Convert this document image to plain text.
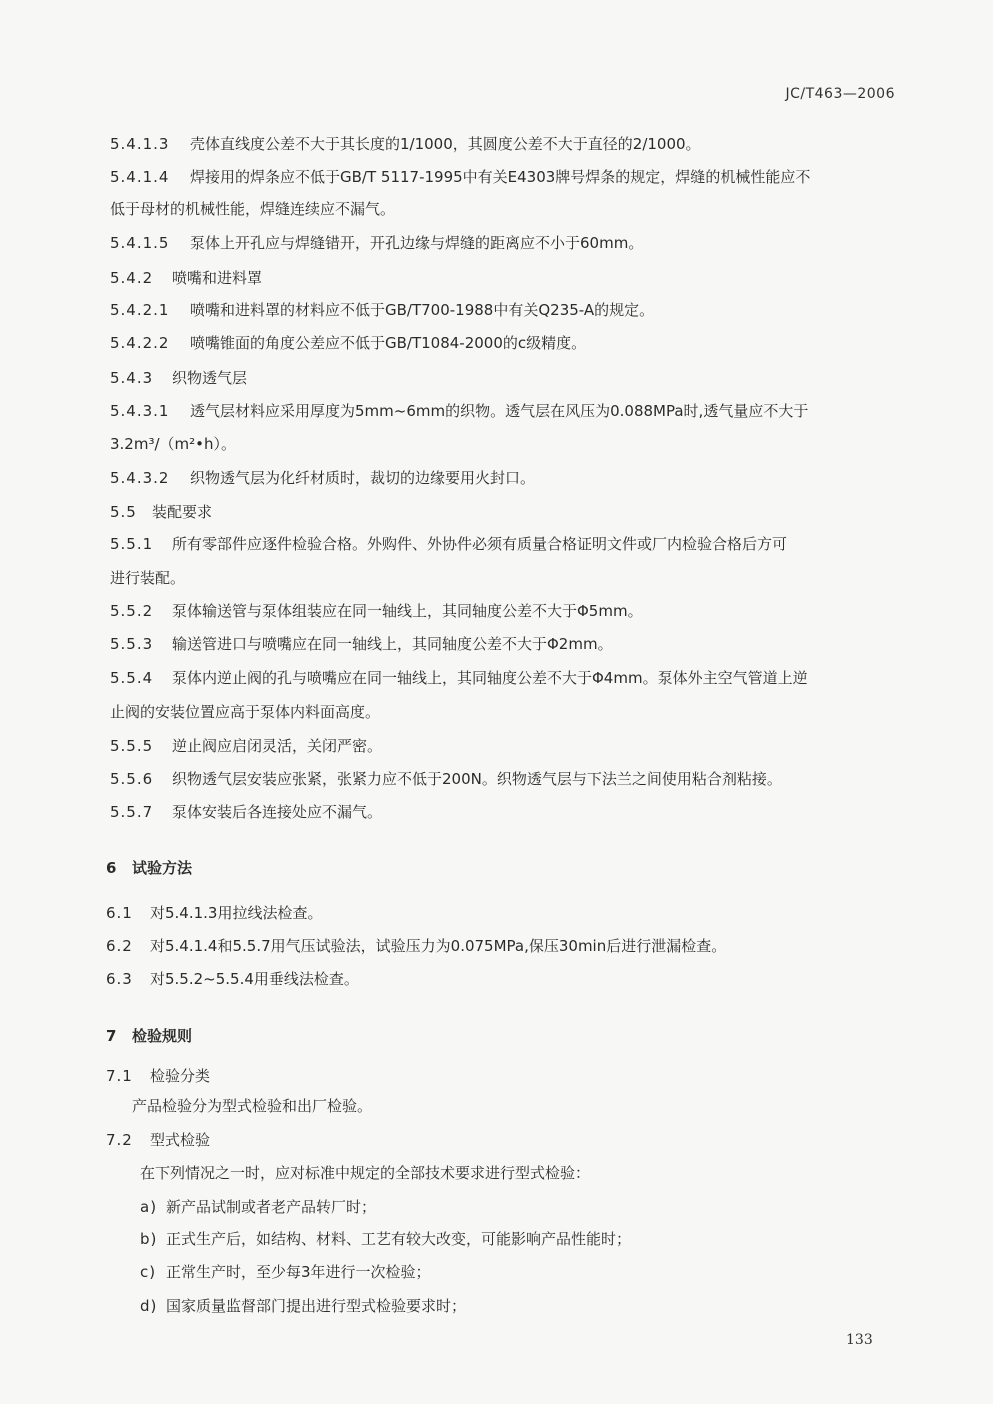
JC/T463—2006
5.4.1.3 壳体直线度公差不大于其长度的1/1000，其圆度公差不大于直径的2/1000。
5.4.1.4 焊接用的焊条应不低于GB/T 5117-1995中有关E4303牌号焊条的规定，焊缝的机械性能应不
低于母材的机械性能，焊缝连续应不漏气。
5.4.1.5 泵体上开孔应与焊缝错开，开孔边缘与焊缝的距离应不小于60mm。
5.4.2 喷嘴和进料罩
5.4.2.1 喷嘴和进料罩的材料应不低于GB/T700-1988中有关Q235-A的规定。
5.4.2.2 喷嘴锥面的角度公差应不低于GB/T1084-2000的c级精度。
5.4.3 织物透气层
5.4.3.1 透气层材料应采用厚度为5mm~6mm的织物。透气层在风压为0.088MPa时,透气量应不大于
3.2m³/（m²•h）。
5.4.3.2 织物透气层为化纤材质时，裁切的边缘要用火封口。
5.5 装配要求
5.5.1 所有零部件应逐件检验合格。外购件、外协件必须有质量合格证明文件或厂内检验合格后方可
进行装配。
5.5.2 泵体输送管与泵体组装应在同一轴线上，其同轴度公差不大于Φ5mm。
5.5.3 输送管进口与喷嘴应在同一轴线上，其同轴度公差不大于Φ2mm。
5.5.4 泵体内逆止阀的孔与喷嘴应在同一轴线上，其同轴度公差不大于Φ4mm。泵体外主空气管道上逆
止阀的安装位置应高于泵体内料面高度。
5.5.5 逆止阀应启闭灵活，关闭严密。
5.5.6 织物透气层安装应张紧，张紧力应不低于200N。织物透气层与下法兰之间使用粘合剂粘接。
5.5.7 泵体安装后各连接处应不漏气。
6 试验方法
6.1 对5.4.1.3用拉线法检查。
6.2 对5.4.1.4和5.5.7用气压试验法，试验压力为0.075MPa,保压30min后进行泄漏检查。
6.3 对5.5.2~5.5.4用垂线法检查。
7 检验规则
7.1 检验分类
产品检验分为型式检验和出厂检验。
7.2 型式检验
在下列情况之一时，应对标准中规定的全部技术要求进行型式检验：
a) 新产品试制或者老产品转厂时；
b) 正式生产后，如结构、材料、工艺有较大改变，可能影响产品性能时；
c) 正常生产时，至少每3年进行一次检验；
d) 国家质量监督部门提出进行型式检验要求时；
133
